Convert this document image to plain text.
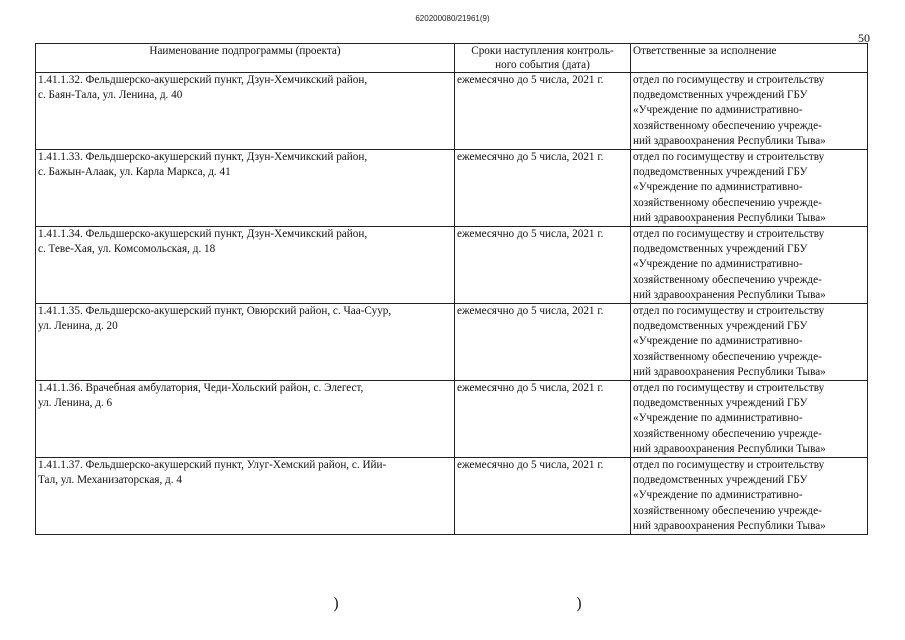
620200080/21961(9)
50
Наименование подпрограммы (проекта)	Сроки наступления контроль-
ного события (дата)	Ответственные за исполнение

1.41.1.32. Фельдшерско-акушерский пункт, Дзун-Хемчикский район,
с. Баян-Тала, ул. Ленина, д. 40	ежемесячно до 5 числа, 2021 г.	отдел по госимуществу и строительству
подведомственных учреждений ГБУ
«Учреждение по административно-
хозяйственному обеспечению учрежде-
ний здравоохранения Республики Тыва»

1.41.1.33. Фельдшерско-акушерский пункт, Дзун-Хемчикский район,
с. Бажын-Алаак, ул. Карла Маркса, д. 41	ежемесячно до 5 числа, 2021 г.	отдел по госимуществу и строительству
подведомственных учреждений ГБУ
«Учреждение по административно-
хозяйственному обеспечению учрежде-
ний здравоохранения Республики Тыва»

1.41.1.34. Фельдшерско-акушерский пункт, Дзун-Хемчикский район,
с. Теве-Хая, ул. Комсомольская, д. 18	ежемесячно до 5 числа, 2021 г.	отдел по госимуществу и строительству
подведомственных учреждений ГБУ
«Учреждение по административно-
хозяйственному обеспечению учрежде-
ний здравоохранения Республики Тыва»

1.41.1.35. Фельдшерско-акушерский пункт, Овюрский район, с. Чаа-Суур,
ул. Ленина, д. 20	ежемесячно до 5 числа, 2021 г.	отдел по госимуществу и строительству
подведомственных учреждений ГБУ
«Учреждение по административно-
хозяйственному обеспечению учрежде-
ний здравоохранения Республики Тыва»

1.41.1.36. Врачебная амбулатория, Чеди-Хольский район, с. Элегест,
ул. Ленина, д. 6	ежемесячно до 5 числа, 2021 г.	отдел по госимуществу и строительству
подведомственных учреждений ГБУ
«Учреждение по административно-
хозяйственному обеспечению учрежде-
ний здравоохранения Республики Тыва»

1.41.1.37. Фельдшерско-акушерский пункт, Улуг-Хемский район, с. Ийи-
Тал, ул. Механизаторская, д. 4	ежемесячно до 5 числа, 2021 г.	отдел по госимуществу и строительству
подведомственных учреждений ГБУ
«Учреждение по административно-
хозяйственному обеспечению учрежде-
ний здравоохранения Республики Тыва»
)	)
